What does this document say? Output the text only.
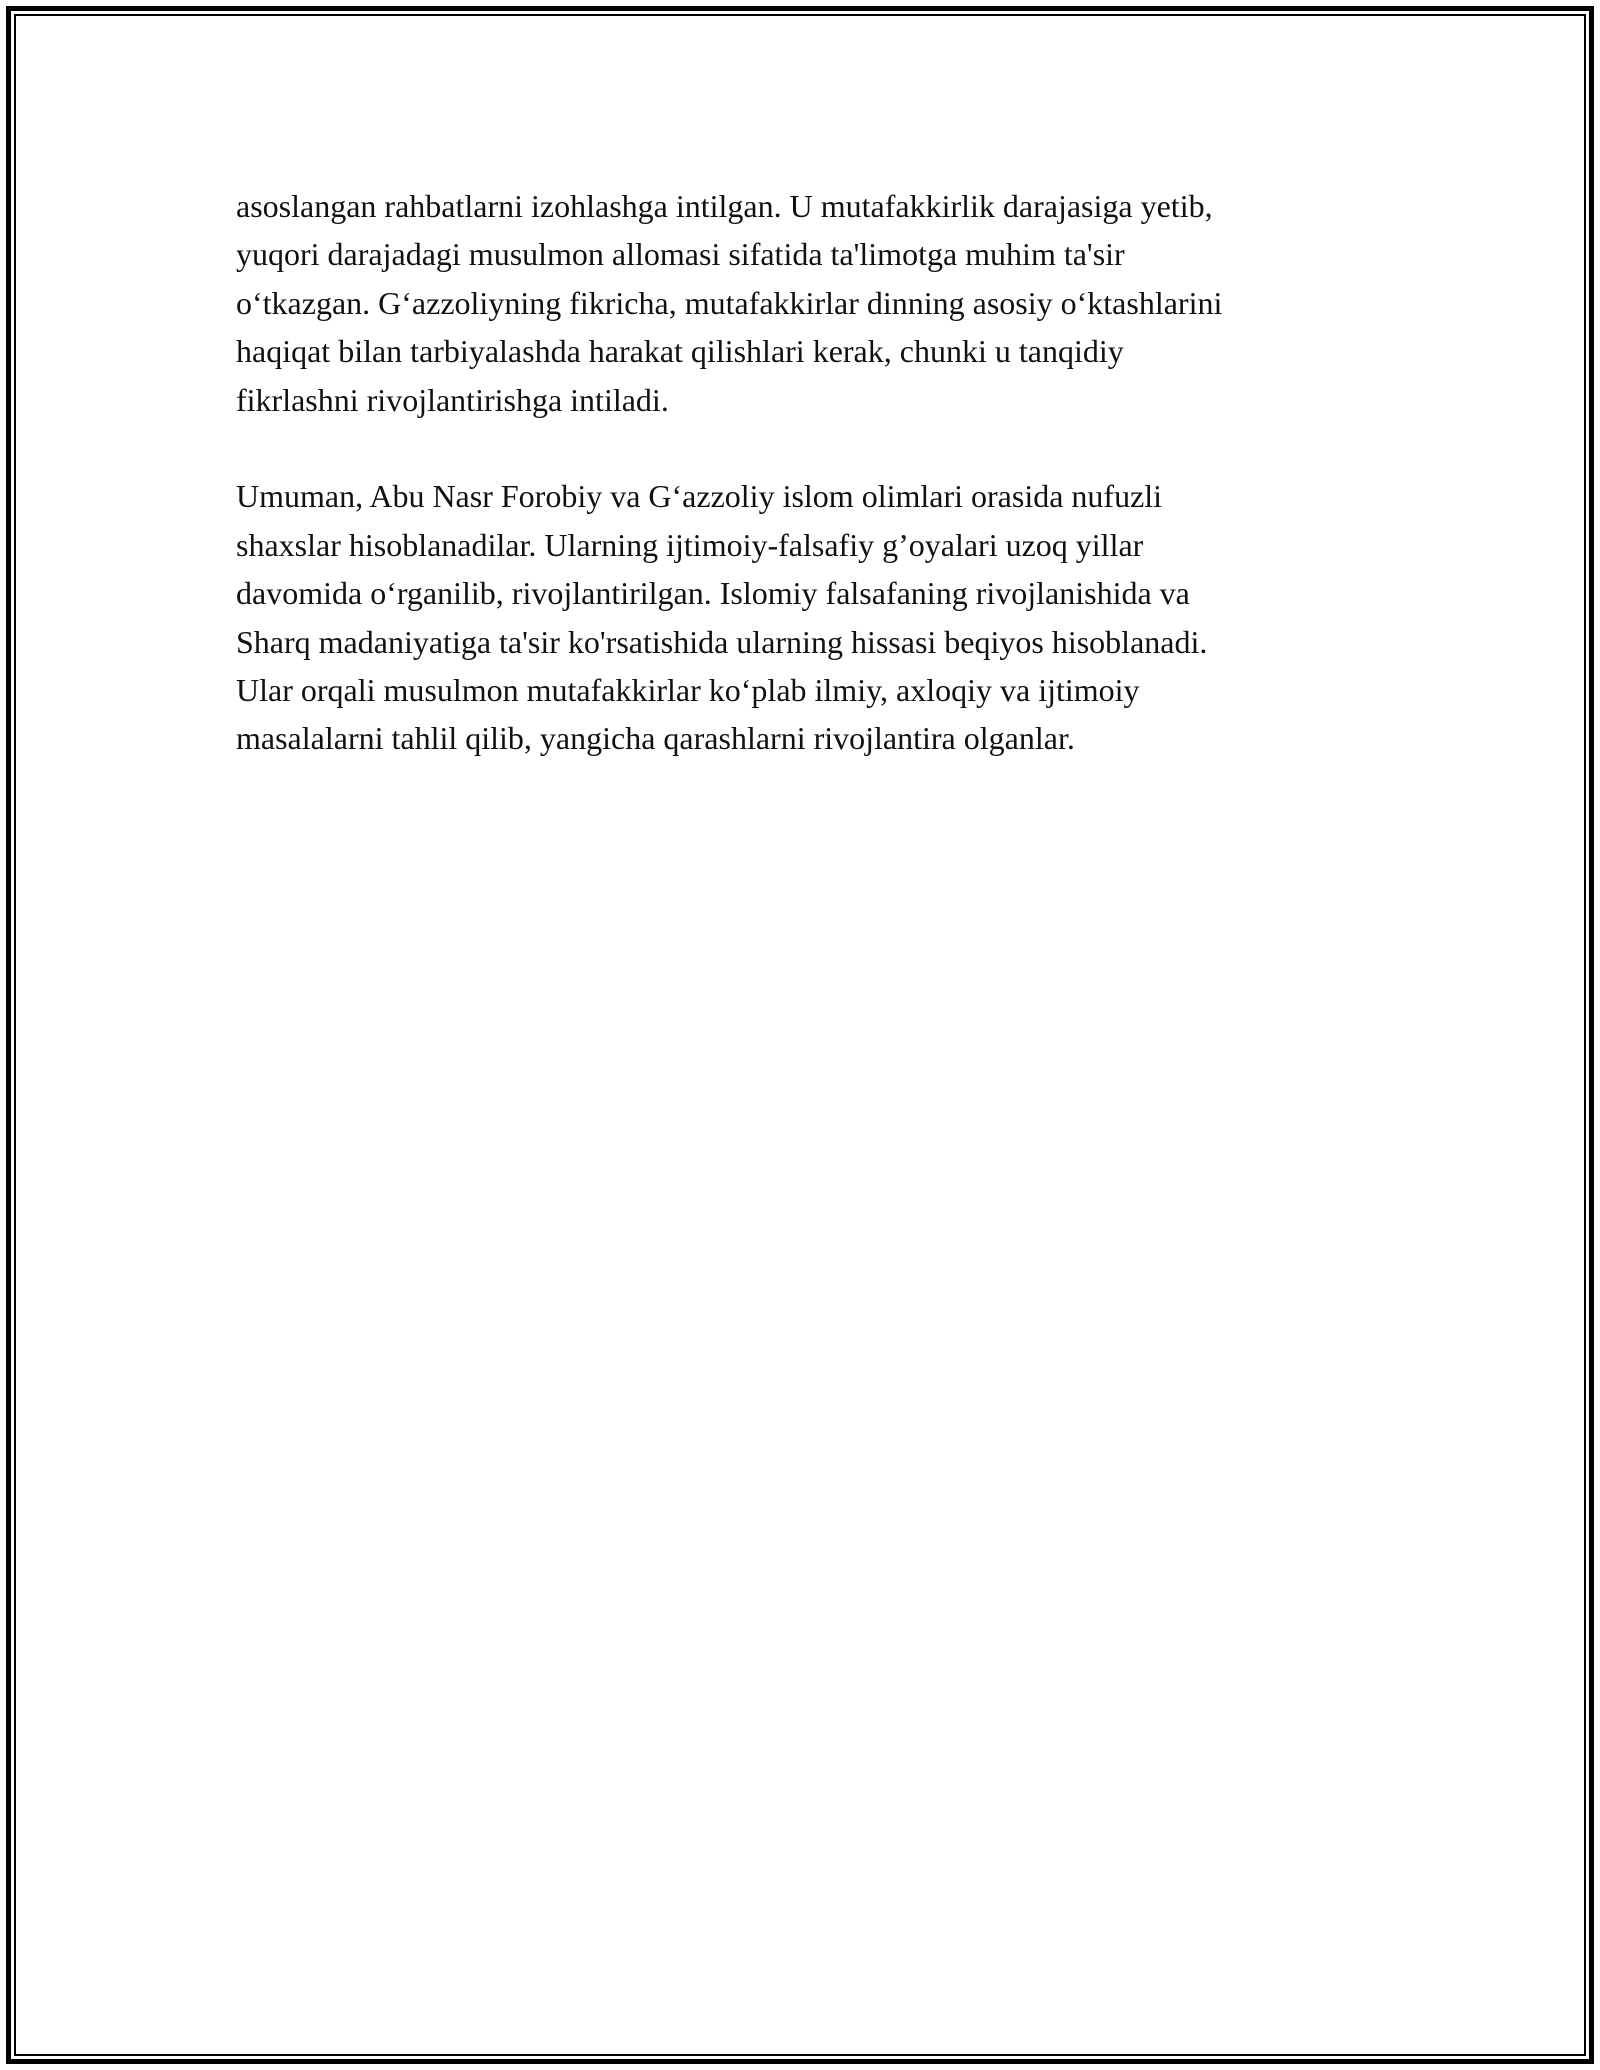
asoslangan rahbatlarni izohlashga intilgan. U mutafakkirlik darajasiga yetib,
yuqori darajadagi musulmon allomasi sifatida ta'limotga muhim ta'sir
oʻtkazgan. Gʻazzoliyning fikricha, mutafakkirlar dinning asosiy oʻktashlarini
haqiqat bilan tarbiyalashda harakat qilishlari kerak, chunki u tanqidiy
fikrlashni rivojlantirishga intiladi.

Umuman, Abu Nasr Forobiy va Gʻazzoliy islom olimlari orasida nufuzli
shaxslar hisoblanadilar. Ularning ijtimoiy-falsafiy g’oyalari uzoq yillar
davomida oʻrganilib, rivojlantirilgan. Islomiy falsafaning rivojlanishida va
Sharq madaniyatiga ta'sir ko'rsatishida ularning hissasi beqiyos hisoblanadi.
Ular orqali musulmon mutafakkirlar koʻplab ilmiy, axloqiy va ijtimoiy
masalalarni tahlil qilib, yangicha qarashlarni rivojlantira olganlar.
